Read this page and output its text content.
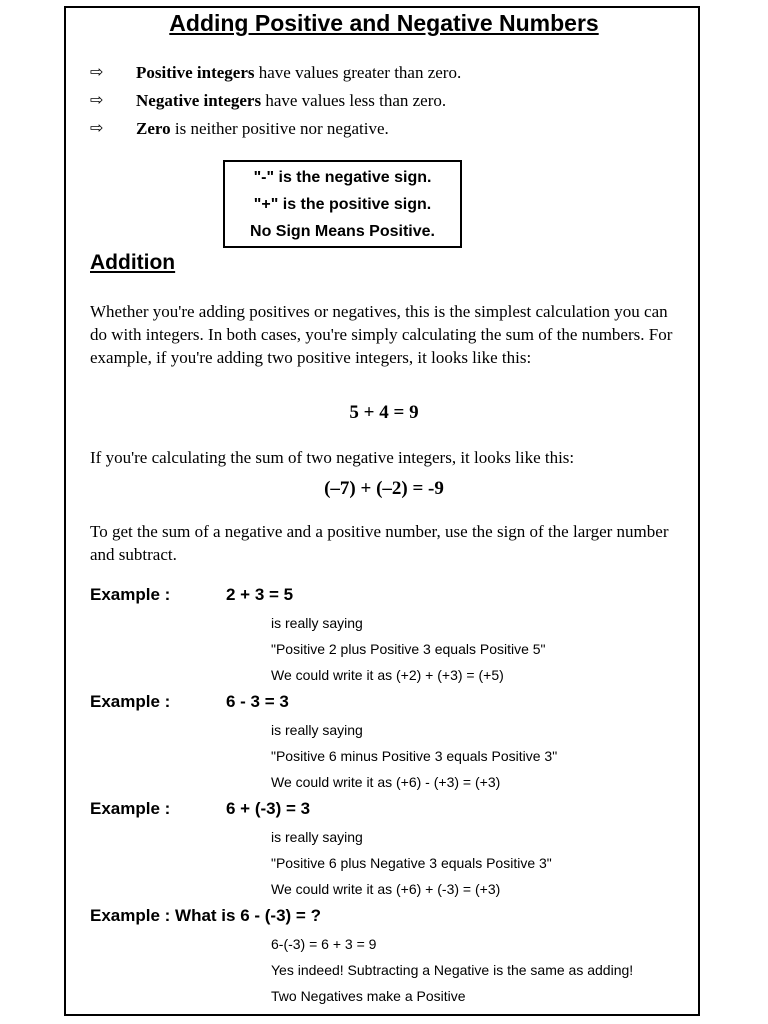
Adding Positive and Negative Numbers
⇨ Positive integers have values greater than zero.
⇨ Negative integers have values less than zero.
⇨ Zero is neither positive nor negative.
"-" is the negative sign.
"+" is the positive sign.
No Sign Means Positive.
Addition
Whether you're adding positives or negatives, this is the simplest calculation you can do with integers. In both cases, you're simply calculating the sum of the numbers. For example, if you're adding two positive integers, it looks like this:
5 + 4 = 9
If you're calculating the sum of two negative integers, it looks like this:
(–7) + (–2) = -9
To get the sum of a negative and a positive number, use the sign of the larger number and subtract.
Example :	2 + 3 = 5
is really saying
"Positive 2 plus Positive 3 equals Positive 5"
We could write it as (+2) + (+3) = (+5)
Example :	6 - 3 = 3
is really saying
"Positive 6 minus Positive 3 equals Positive 3"
We could write it as (+6) - (+3) = (+3)
Example :	6 + (-3) = 3
is really saying
"Positive 6 plus Negative 3 equals Positive 3"
We could write it as (+6) + (-3) = (+3)
Example : What is 6 - (-3) = ?
6-(-3) = 6 + 3 = 9
Yes indeed! Subtracting a Negative is the same as adding!
Two Negatives make a Positive
